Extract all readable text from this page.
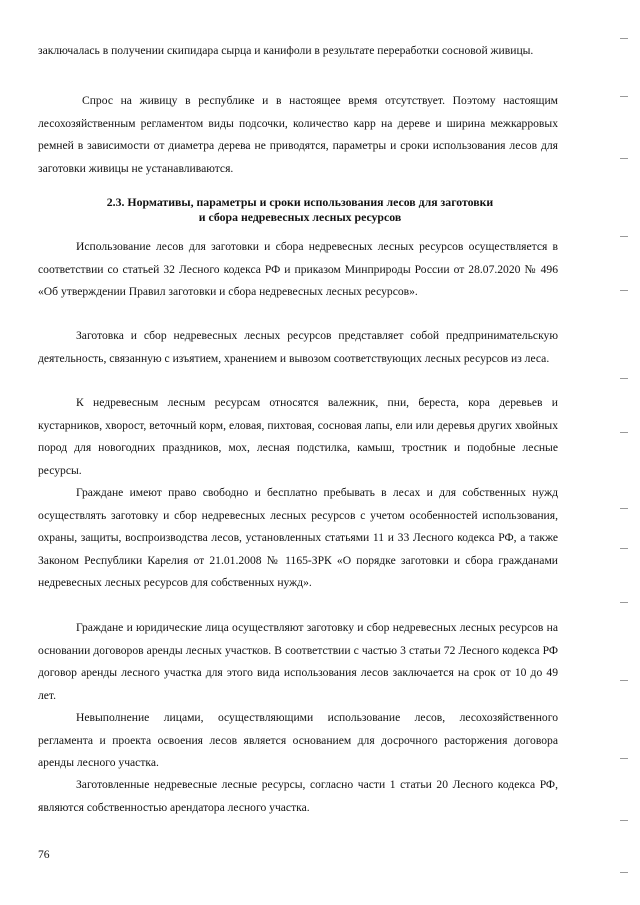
заключалась в получении скипидара сырца и канифоли в результате переработки сосновой живицы.
Спрос на живицу в республике и в настоящее время отсутствует. Поэтому настоящим лесохозяйственным регламентом виды подсочки, количество карр на дереве и ширина межкарровых ремней в зависимости от диаметра дерева не приводятся, параметры и сроки использования лесов для заготовки живицы не устанавливаются.
2.3. Нормативы, параметры и сроки использования лесов для заготовки
и сбора недревесных лесных ресурсов
Использование лесов для заготовки и сбора недревесных лесных ресурсов осуществляется в соответствии со статьей 32 Лесного кодекса РФ и приказом Минприроды России от 28.07.2020 № 496 «Об утверждении Правил заготовки и сбора недревесных лесных ресурсов».
Заготовка и сбор недревесных лесных ресурсов представляет собой предпринимательскую деятельность, связанную с изъятием, хранением и вывозом соответствующих лесных ресурсов из леса.
К недревесным лесным ресурсам относятся валежник, пни, береста, кора деревьев и кустарников, хворост, веточный корм, еловая, пихтовая, сосновая лапы, ели или деревья других хвойных пород для новогодних праздников, мох, лесная подстилка, камыш, тростник и подобные лесные ресурсы.
Граждане имеют право свободно и бесплатно пребывать в лесах и для собственных нужд осуществлять заготовку и сбор недревесных лесных ресурсов с учетом особенностей использования, охраны, защиты, воспроизводства лесов, установленных статьями 11 и 33 Лесного кодекса РФ, а также Законом Республики Карелия от 21.01.2008 № 1165-ЗРК «О порядке заготовки и сбора гражданами недревесных лесных ресурсов для собственных нужд».
Граждане и юридические лица осуществляют заготовку и сбор недревесных лесных ресурсов на основании договоров аренды лесных участков. В соответствии с частью 3 статьи 72 Лесного кодекса РФ договор аренды лесного участка для этого вида использования лесов заключается на срок от 10 до 49 лет.
Невыполнение лицами, осуществляющими использование лесов, лесохозяйственного регламента и проекта освоения лесов является основанием для досрочного расторжения договора аренды лесного участка.
Заготовленные недревесные лесные ресурсы, согласно части 1 статьи 20 Лесного кодекса РФ, являются собственностью арендатора лесного участка.
76
